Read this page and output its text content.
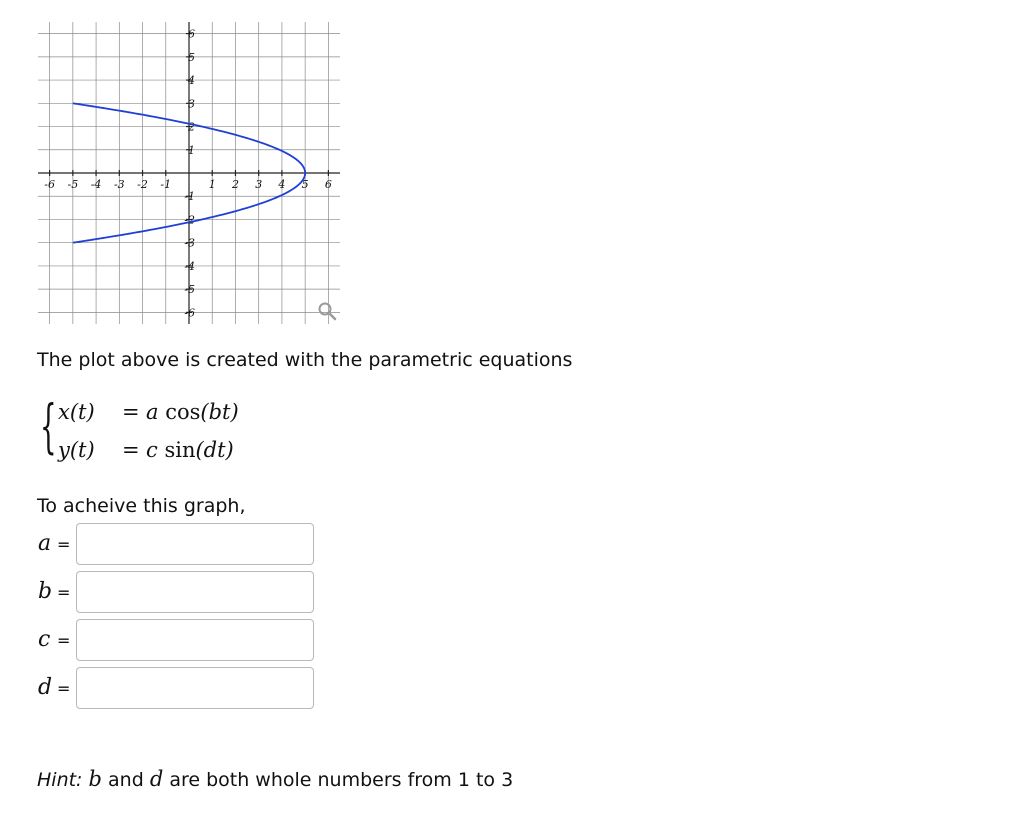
-6 -5 -4 -3 -2 -1	1 2 3 4 5 6
-6
-5
-4
-3
-2
-1
1
2
3
4
5
6
The plot above is created with the parametric equations
{ x(t) = a cos(bt)
y(t) = c sin(dt)
To acheive this graph,
a =
b =
c =
d =
Hint: b and d are both whole numbers from 1 to 3
